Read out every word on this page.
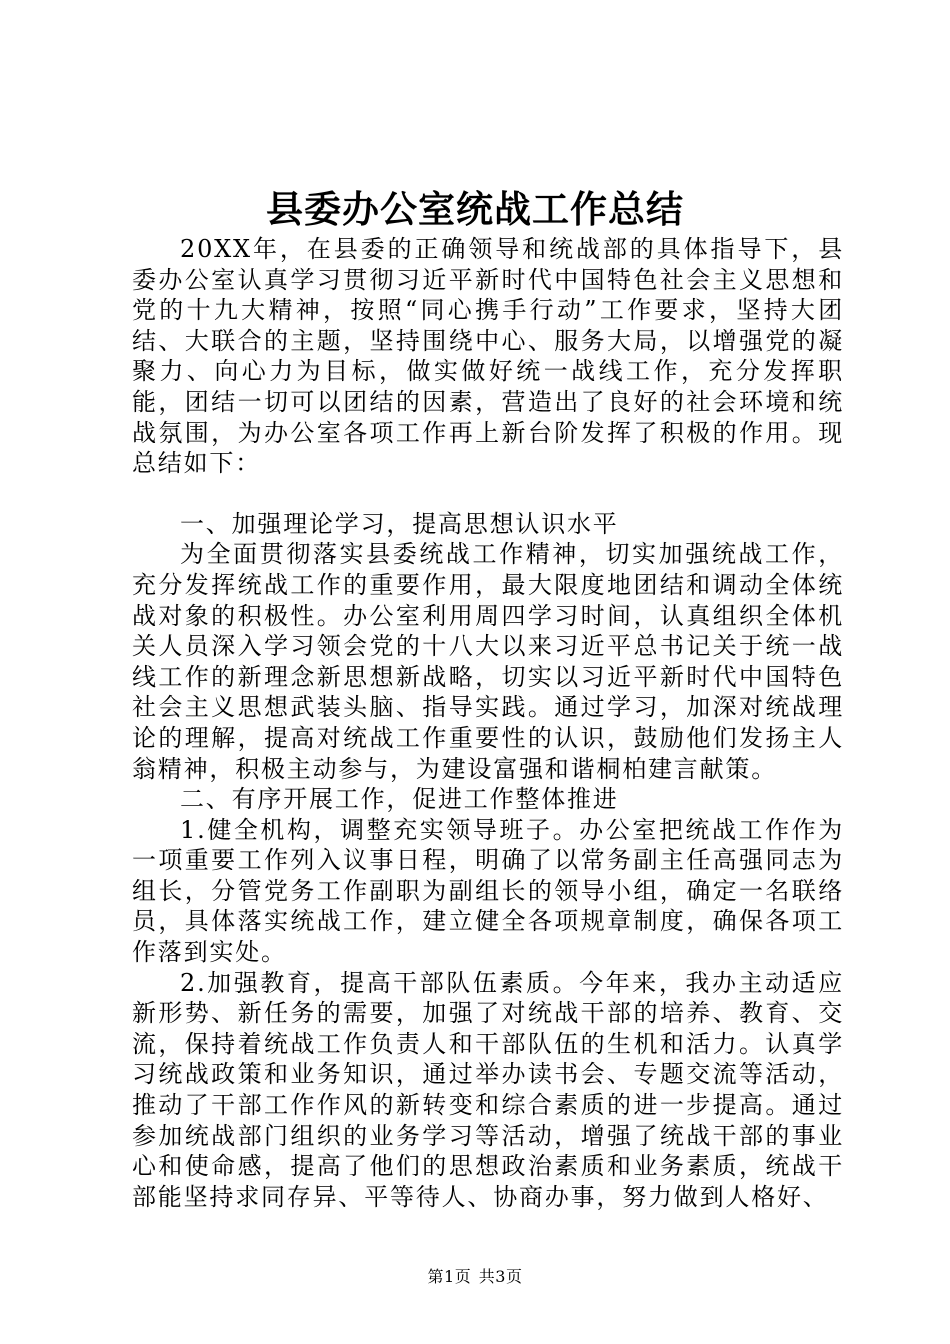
县委办公室统战工作总结

20XX年，在县委的正确领导和统战部的具体指导下，县委办公室认真学习贯彻习近平新时代中国特色社会主义思想和党的十九大精神，按照“同心携手行动”工作要求，坚持大团结、大联合的主题，坚持围绕中心、服务大局，以增强党的凝聚力、向心力为目标，做实做好统一战线工作，充分发挥职能，团结一切可以团结的因素，营造出了良好的社会环境和统战氛围，为办公室各项工作再上新台阶发挥了积极的作用。现总结如下：

一、加强理论学习，提高思想认识水平

为全面贯彻落实县委统战工作精神，切实加强统战工作，充分发挥统战工作的重要作用，最大限度地团结和调动全体统战对象的积极性。办公室利用周四学习时间，认真组织全体机关人员深入学习领会党的十八大以来习近平总书记关于统一战线工作的新理念新思想新战略，切实以习近平新时代中国特色社会主义思想武装头脑、指导实践。通过学习，加深对统战理论的理解，提高对统战工作重要性的认识，鼓励他们发扬主人翁精神，积极主动参与，为建设富强和谐桐柏建言献策。

二、有序开展工作，促进工作整体推进

1.健全机构，调整充实领导班子。办公室把统战工作作为一项重要工作列入议事日程，明确了以常务副主任高强同志为组长，分管党务工作副职为副组长的领导小组，确定一名联络员，具体落实统战工作，建立健全各项规章制度，确保各项工作落到实处。

2.加强教育，提高干部队伍素质。今年来，我办主动适应新形势、新任务的需要，加强了对统战干部的培养、教育、交流，保持着统战工作负责人和干部队伍的生机和活力。认真学习统战政策和业务知识，通过举办读书会、专题交流等活动，推动了干部工作作风的新转变和综合素质的进一步提高。通过参加统战部门组织的业务学习等活动，增强了统战干部的事业心和使命感，提高了他们的思想政治素质和业务素质，统战干部能坚持求同存异、平等待人、协商办事，努力做到人格好、

第1页 共3页
